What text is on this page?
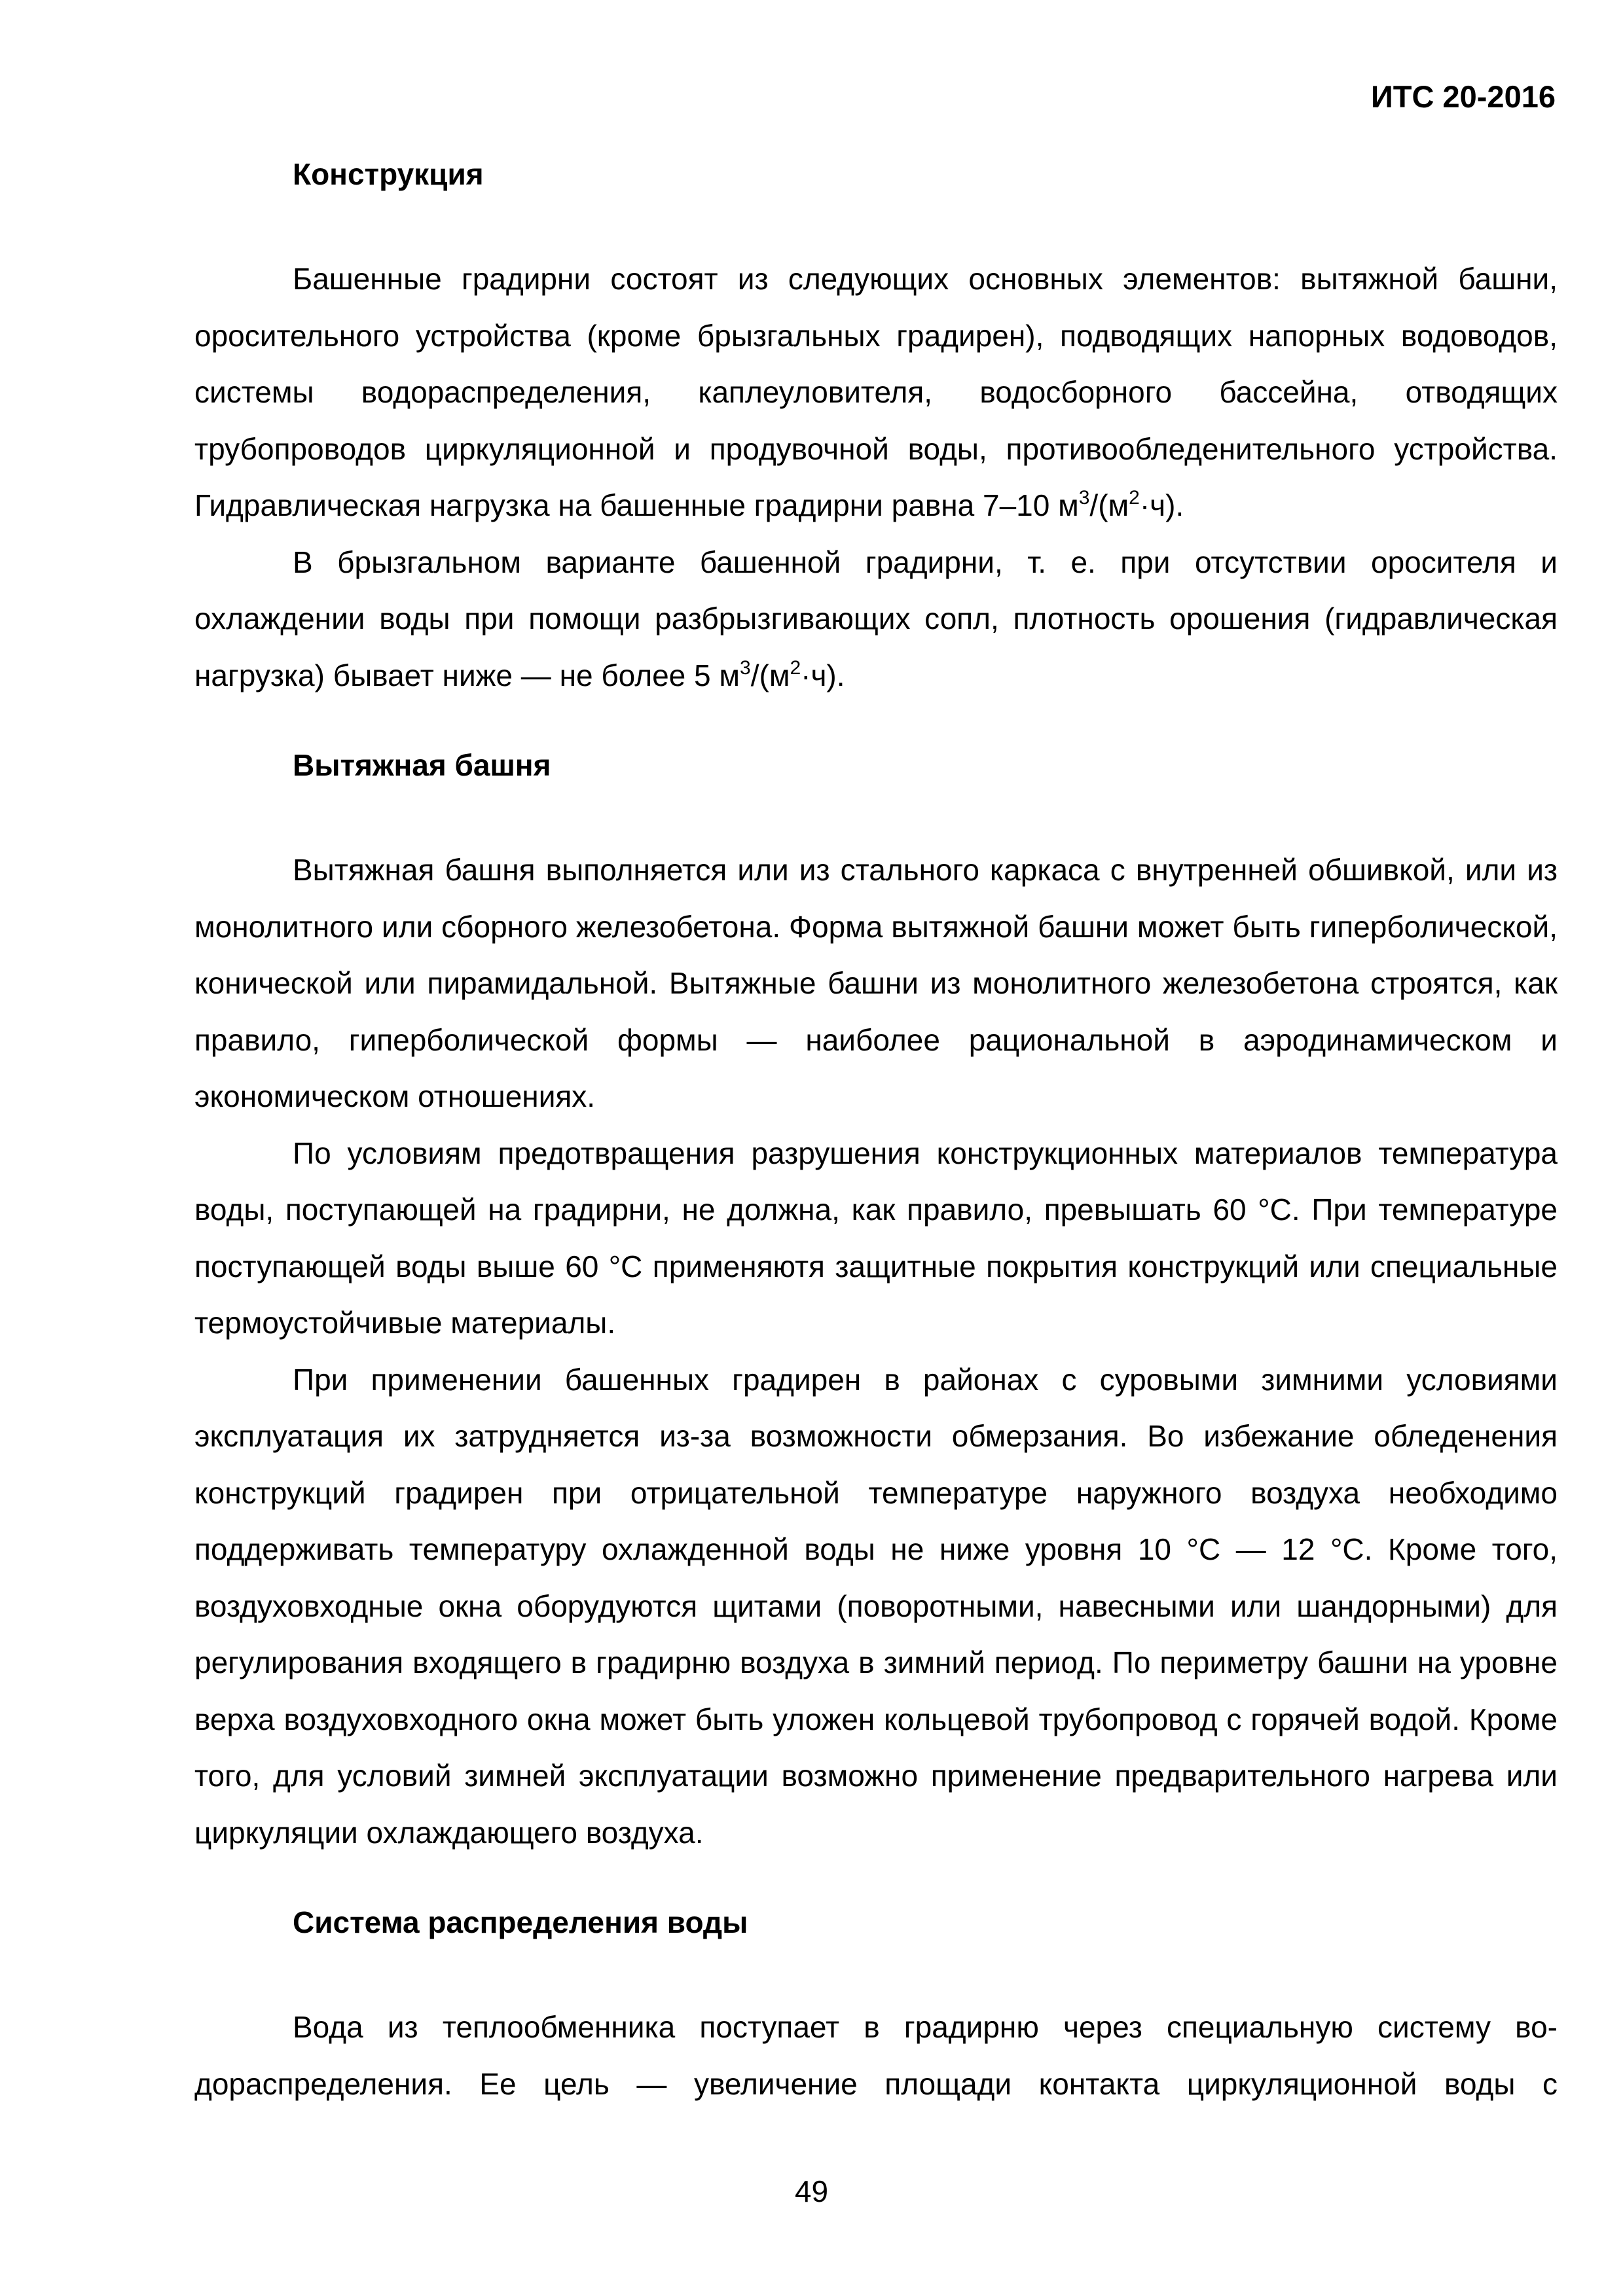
ИТС 20-2016
Конструкция

Башенные градирни состоят из следующих основных элементов: вытяжной башни, оросительного устройства (кроме брызгальных градирен), подводящих напорных водоводов, системы водораспределения, каплеуловителя, водосборного бассейна, отводящих трубопроводов циркуляционной и продувочной воды, противообледенительного устройства. Гидравлическая нагрузка на башенные градирни равна 7–10 $м^3/(м^2\cdot ч)$.

В брызгальном варианте башенной градирни, т. е. при отсутствии оросителя и охлаждении воды при помощи разбрызгивающих сопл, плотность орошения (гидравлическая нагрузка) бывает ниже — не более 5 $м^3/(м^2\cdot ч)$.

Вытяжная башня

Вытяжная башня выполняется или из стального каркаса с внутренней обшивкой, или из монолитного или сборного железобетона. Форма вытяжной башни может быть гиперболической, конической или пирамидальной. Вытяжные башни из монолитного железобетона строятся, как правило, гиперболической формы — наиболее рациональной в аэродинамическом и экономическом отношениях.

По условиям предотвращения разрушения конструкционных материалов температура воды, поступающей на градирни, не должна, как правило, превышать 60 °С. При температуре поступающей воды выше 60 °С применяютя защитные покрытия конструкций или специальные термоустойчивые материалы.

При применении башенных градирен в районах с суровыми зимними условиями эксплуатация их затрудняется из-за возможности обмерзания. Во избежание обледенения конструкций градирен при отрицательной температуре наружного воздуха необходимо поддерживать температуру охлажденной воды не ниже уровня 10 °С — 12 °С. Кроме того, воздуховходные окна оборудуются щитами (поворотными, навесными или шандорными) для регулирования входящего в градирню воздуха в зимний период. По периметру башни на уровне верха воздуховходного окна может быть уложен кольцевой трубопровод с горячей водой. Кроме того, для условий зимней эксплуатации возможно применение предварительного нагрева или циркуляции охлаждающего воздуха.

Система распределения воды

Вода из теплообменника поступает в градирню через специальную систему водораспределения. Ее цель — увеличение площади контакта циркуляционной воды с

49
